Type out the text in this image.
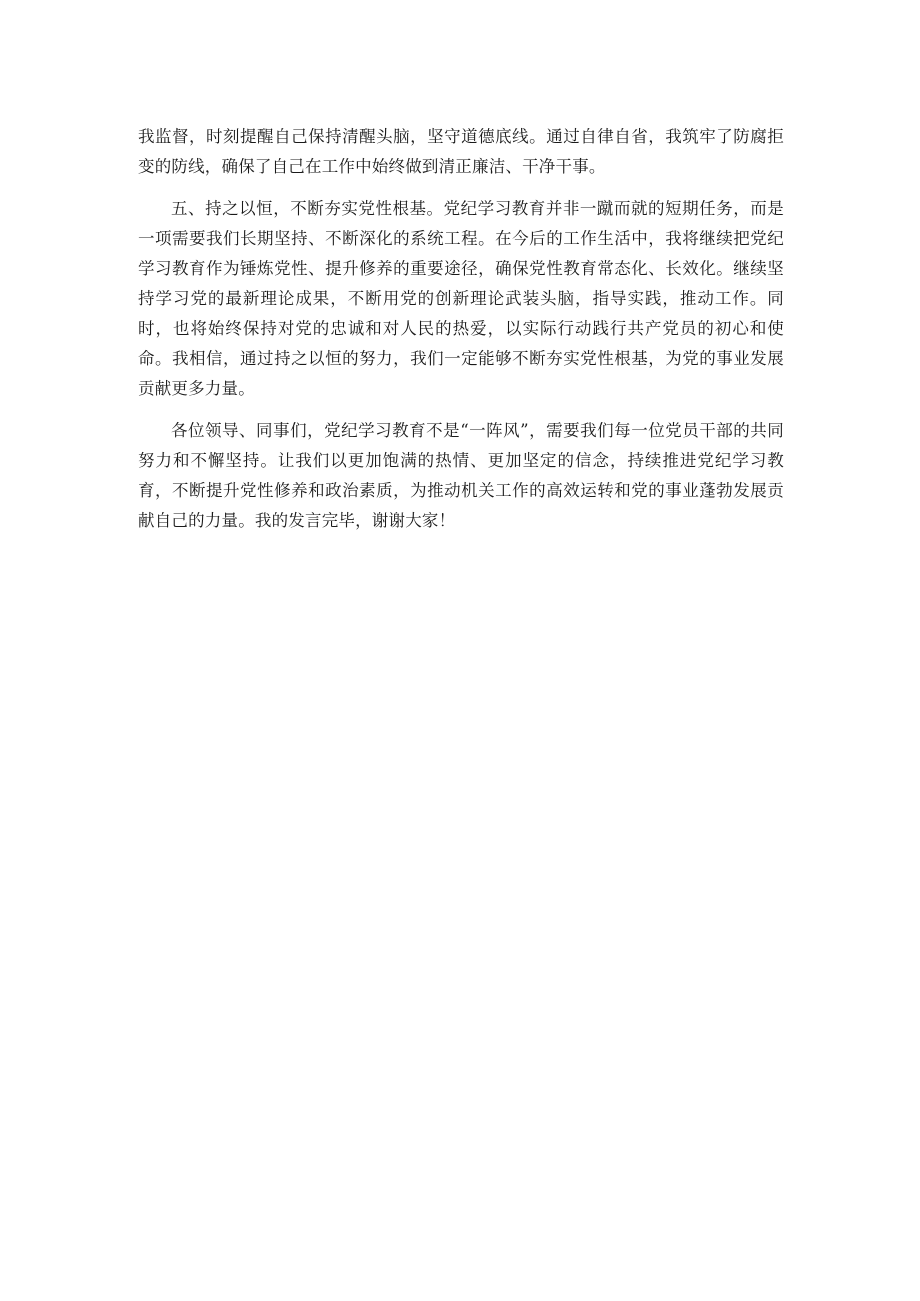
我监督，时刻提醒自己保持清醒头脑，坚守道德底线。通过自律自省，我筑牢了防腐拒变的防线，确保了自己在工作中始终做到清正廉洁、干净干事。

五、持之以恒，不断夯实党性根基。党纪学习教育并非一蹴而就的短期任务，而是一项需要我们长期坚持、不断深化的系统工程。在今后的工作生活中，我将继续把党纪学习教育作为锤炼党性、提升修养的重要途径，确保党性教育常态化、长效化。继续坚持学习党的最新理论成果，不断用党的创新理论武装头脑，指导实践，推动工作。同时，也将始终保持对党的忠诚和对人民的热爱，以实际行动践行共产党员的初心和使命。我相信，通过持之以恒的努力，我们一定能够不断夯实党性根基，为党的事业发展贡献更多力量。

各位领导、同事们，党纪学习教育不是“一阵风”，需要我们每一位党员干部的共同努力和不懈坚持。让我们以更加饱满的热情、更加坚定的信念，持续推进党纪学习教育，不断提升党性修养和政治素质，为推动机关工作的高效运转和党的事业蓬勃发展贡献自己的力量。我的发言完毕，谢谢大家！
